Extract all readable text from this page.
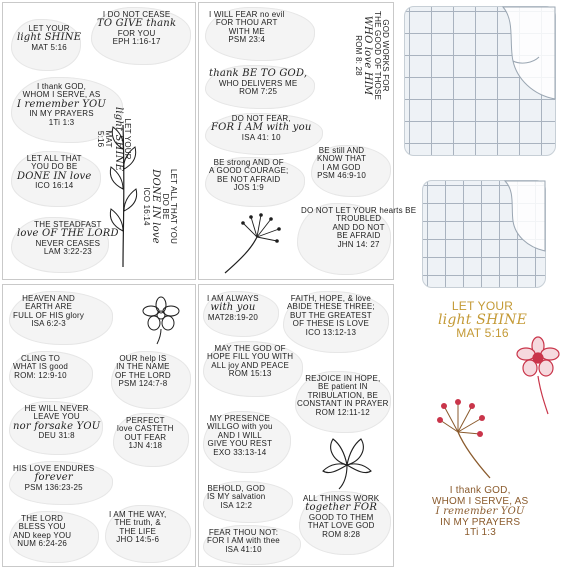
LET YOUR
light SHINE
MAT 5:16
I DO NOT CEASE
TO GIVE thank
FOR YOU
EPH 1:16-17
I thank GOD,
WHOM I SERVE, AS
I remember YOU
IN MY PRAYERS
1Ti 1:3	LET YOUR
light SHINE
MAT
5:16
LET ALL THAT
YOU DO BE
DONE IN love
ICO 16:14	LET ALL THAT YOU
DO BE
DONE IN love
ICO 16:14
THE STEADFAST
love OF THE LORD
NEVER CEASES
LAM 3:22-23
I WILL FEAR no evil
FOR THOU ART
WITH ME
PSM 23:4
thank BE TO GOD,
WHO DELIVERS ME
ROM 7:25	GOD WORKS FOR
THE GOOD OF THOSE
WHO love HIM
ROM 8: 28
DO NOT FEAR,
FOR I AM with you
ISA 41: 10
BE strong AND OF
A GOOD COURAGE;
BE NOT AFRAID
JOS 1:9
BE still AND
KNOW THAT
I AM GOD
PSM 46:9-10
DO NOT LET YOUR hearts BE
TROUBLED
AND DO NOT
BE AFRAID
JHN 14: 27
HEAVEN AND
EARTH ARE
FULL OF HIS glory
ISA 6:2-3
CLING TO
WHAT IS good
ROM: 12:9-10
OUR help IS
IN THE NAME
OF THE LORD
PSM 124:7-8
HE WILL NEVER
LEAVE YOU
nor forsake YOU
DEU 31:8
PERFECT
love CASTETH
OUT FEAR
1JN 4:18
HIS LOVE ENDURES
forever
PSM 136:23-25
THE LORD
BLESS YOU
AND keep YOU
NUM 6:24-26
I AM THE WAY,
THE truth, &
THE LIFE
JHO 14:5-6
I AM ALWAYS
with you
MAT28:19-20
FAITH, HOPE, & love
ABIDE THESE THREE;
BUT THE GREATEST
OF THESE IS LOVE
ICO 13:12-13
MAY THE GOD OF
HOPE FILL YOU WITH
ALL joy AND PEACE
ROM 15:13
REJOICE IN HOPE,
BE patient IN
TRIBULATION, BE
CONSTANT IN PRAYER
ROM 12:11-12
MY PRESENCE
WILLGO with you
AND I WILL
GIVE YOU REST
EXO 33:13-14
BEHOLD, GOD
IS MY salvation
ISA 12:2
ALL THINGS WORK
together FOR
GOOD TO THEM
THAT LOVE GOD
ROM 8:28
FEAR THOU NOT:
FOR I AM with thee
ISA 41:10
LET YOUR
light SHINE
MAT 5:16
I thank GOD,
WHOM I SERVE, AS
I remember YOU
IN MY PRAYERS
1Ti 1:3
